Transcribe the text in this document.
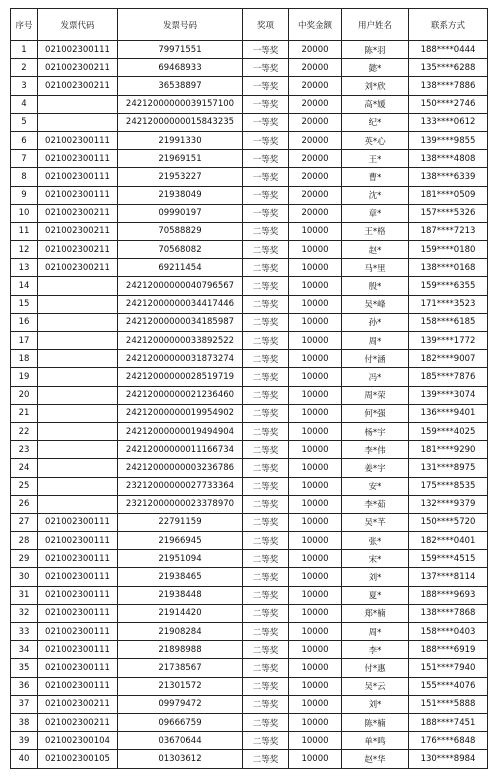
序号	发票代码	发票号码	奖项	中奖金额	用户姓名	联系方式
1	021002300111	79971551	一等奖	20000	陈*羽	188****0444
2	021002300211	69468933	一等奖	20000	懿*	135****6288
3	021002300211	36538897	一等奖	20000	刘*欣	138****7886
4		24212000000039157100	一等奖	20000	高*媛	150****2746
5		24212000000015843235	一等奖	20000	纪*	133****0612
6	021002300111	21991330	一等奖	20000	英*心	139****9855
7	021002300111	21969151	一等奖	20000	王*	138****4808
8	021002300111	21953227	一等奖	20000	曹*	138****6339
9	021002300111	21938049	一等奖	20000	沈*	181****0509
10	021002300211	09990197	一等奖	20000	章*	157****5326
11	021002300211	70588829	二等奖	10000	王*格	187****7213
12	021002300211	70568082	二等奖	10000	赵*	159****0180
13	021002300211	69211454	二等奖	10000	马*里	138****0168
14		24212000000040796567	二等奖	10000	殷*	159****6355
15		24212000000034417446	二等奖	10000	吴*峰	171****3523
16		24212000000034185987	二等奖	10000	孙*	158****6185
17		24212000000033892522	二等奖	10000	周*	139****1772
18		24212000000031873274	二等奖	10000	付*涵	182****9007
19		24212000000028519719	二等奖	10000	冯*	185****7876
20		24212000000021236460	二等奖	10000	周*荣	139****3074
21		24212000000019954902	二等奖	10000	何*强	136****9401
22		24212000000019494904	二等奖	10000	杨*宇	159****4025
23		24212000000011166734	二等奖	10000	李*伟	181****9290
24		24212000000003236786	二等奖	10000	姜*宇	131****8975
25		23212000000027733364	二等奖	10000	安*	175****8535
26		23212000000023378970	二等奖	10000	李*茹	132****9379
27	021002300111	22791159	二等奖	10000	吴*芊	150****5720
28	021002300111	21966945	二等奖	10000	张*	182****0401
29	021002300111	21951094	二等奖	10000	宋*	159****4515
30	021002300111	21938465	二等奖	10000	刘*	137****8114
31	021002300111	21938448	二等奖	10000	夏*	188****9693
32	021002300111	21914420	二等奖	10000	郑*楠	138****7868
33	021002300111	21908284	二等奖	10000	周*	158****0403
34	021002300111	21898988	二等奖	10000	李*	188****6919
35	021002300111	21738567	二等奖	10000	付*惠	151****7940
36	021002300111	21301572	二等奖	10000	吴*云	155****4076
37	021002300211	09979472	二等奖	10000	刘*	151****5888
38	021002300211	09666759	二等奖	10000	陈*楠	188****7451
39	021002300104	03670644	二等奖	10000	单*鸣	176****6848
40	021002300105	01303612	二等奖	10000	赵*华	130****8984
